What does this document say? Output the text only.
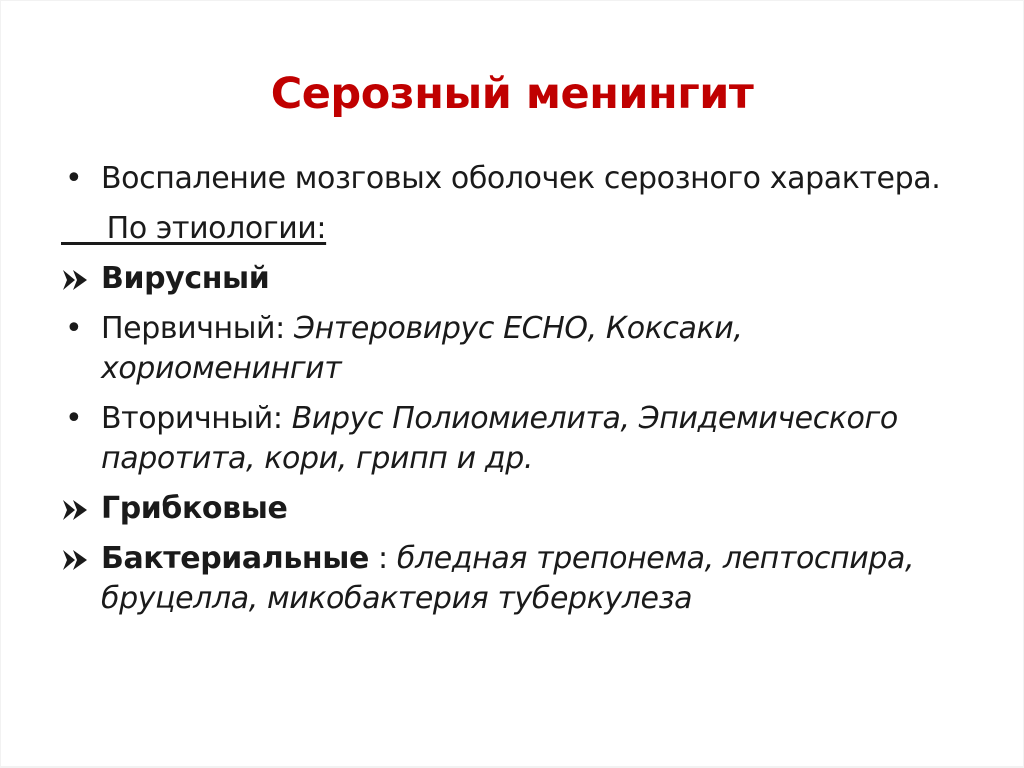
Серозный менингит
• Воспаление мозговых оболочек серозного характера.
По этиологии:
Вирусный
• Первичный: Энтеровирус ЕСНО, Коксаки, хориоменингит
• Вторичный: Вирус Полиомиелита, Эпидемического паротита, кори, грипп и др.
Грибковые
Бактериальные : бледная трепонема, лептоспира, бруцелла, микобактерия туберкулеза
